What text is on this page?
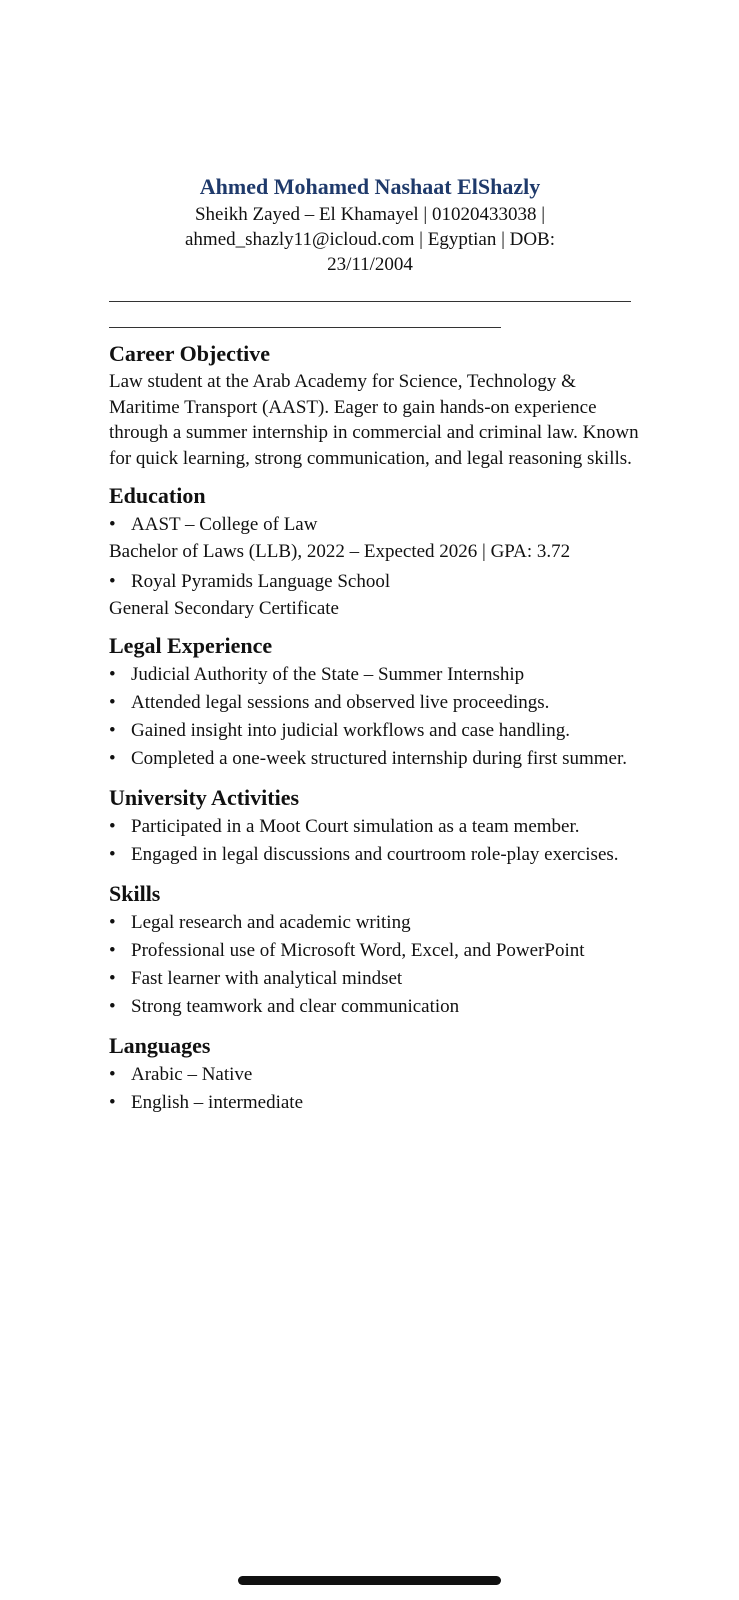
Ahmed Mohamed Nashaat ElShazly
Sheikh Zayed – El Khamayel | 01020433038 |
ahmed_shazly11@icloud.com | Egyptian | DOB:
23/11/2004
Career Objective

Law student at the Arab Academy for Science, Technology & Maritime Transport (AAST). Eager to gain hands-on experience through a summer internship in commercial and criminal law. Known for quick learning, strong communication, and legal reasoning skills.

Education
• AAST – College of Law
Bachelor of Laws (LLB), 2022 – Expected 2026 | GPA: 3.72
• Royal Pyramids Language School
General Secondary Certificate
Legal Experience
• Judicial Authority of the State – Summer Internship
• Attended legal sessions and observed live proceedings.
• Gained insight into judicial workflows and case handling.
• Completed a one-week structured internship during first summer.
University Activities
• Participated in a Moot Court simulation as a team member.
• Engaged in legal discussions and courtroom role-play exercises.
Skills
• Legal research and academic writing
• Professional use of Microsoft Word, Excel, and PowerPoint
• Fast learner with analytical mindset
• Strong teamwork and clear communication
Languages
• Arabic – Native
• English – intermediate
